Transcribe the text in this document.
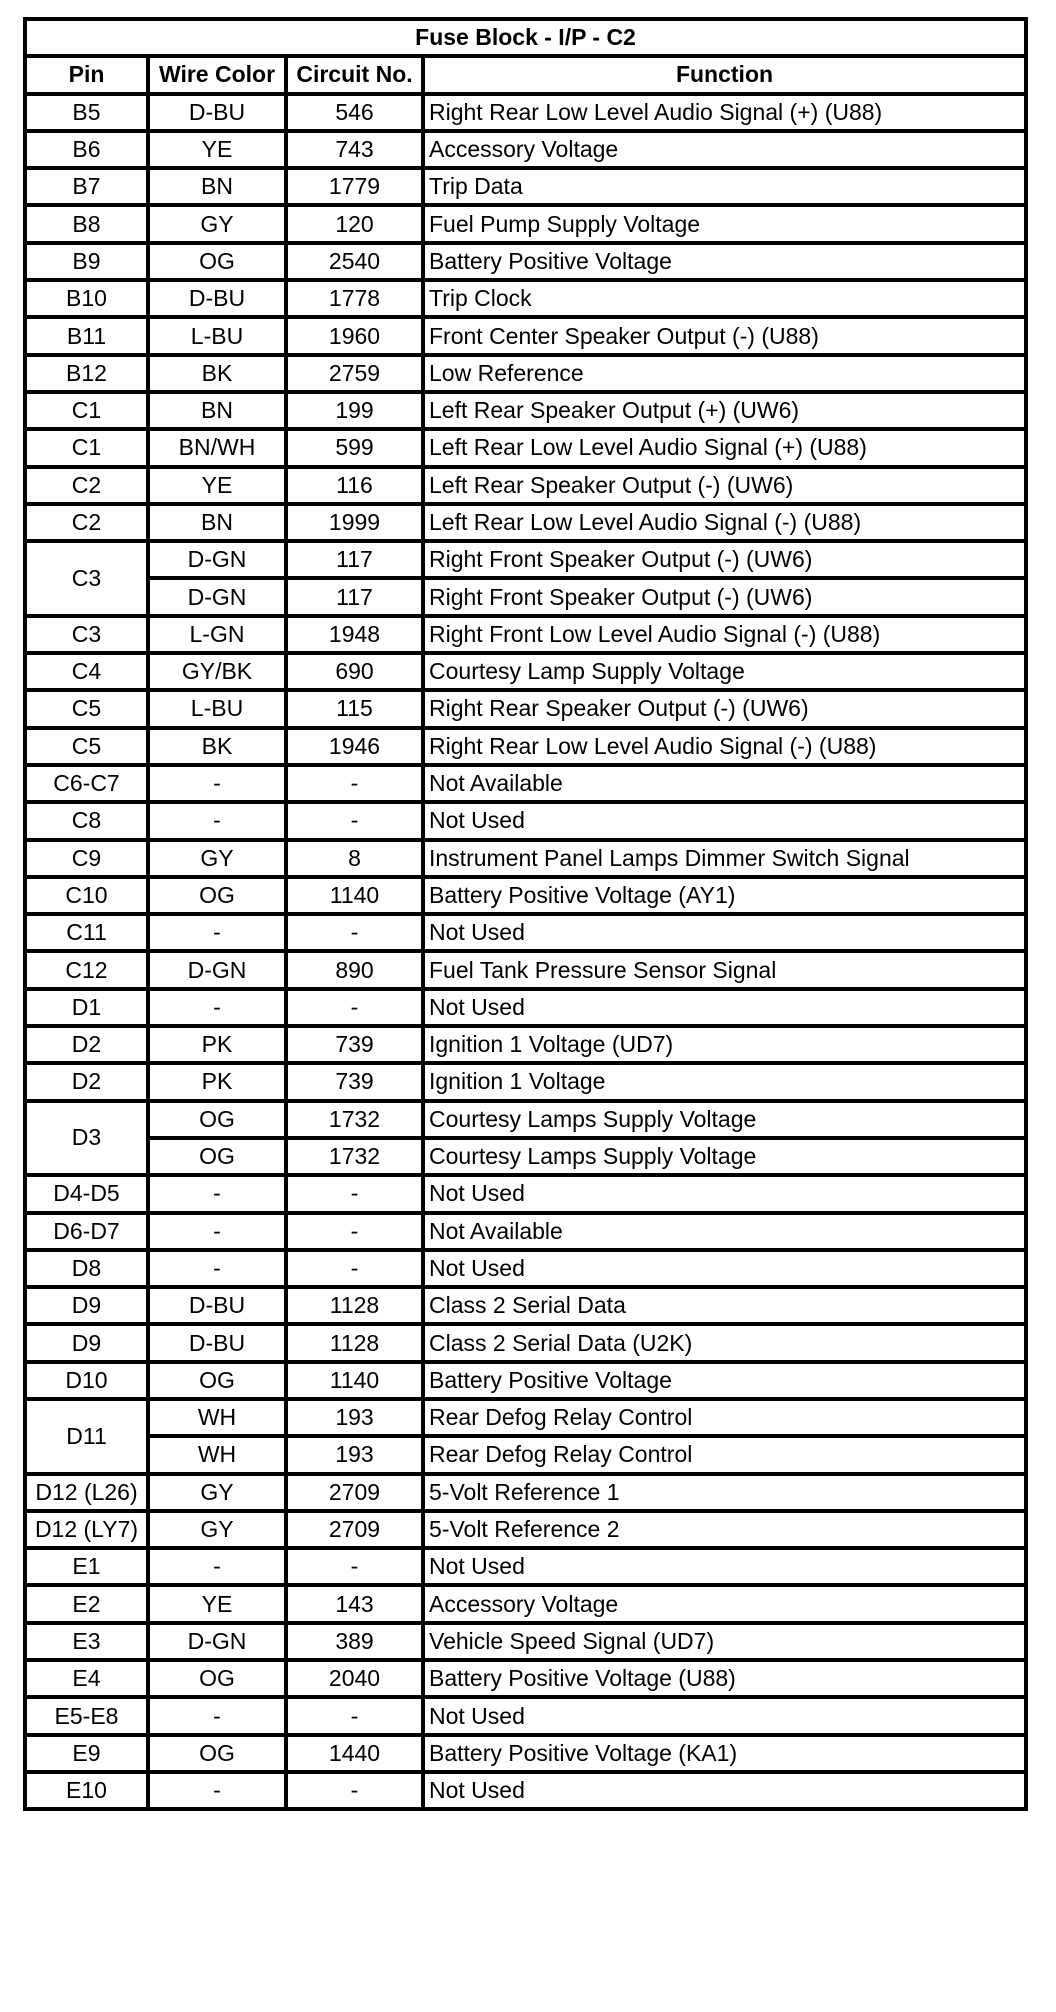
Fuse Block - I/P - C2			
Pin	Wire Color	Circuit No.	Function
B5	D-BU	546	Right Rear Low Level Audio Signal (+) (U88)
B6	YE	743	Accessory Voltage
B7	BN	1779	Trip Data
B8	GY	120	Fuel Pump Supply Voltage
B9	OG	2540	Battery Positive Voltage
B10	D-BU	1778	Trip Clock
B11	L-BU	1960	Front Center Speaker Output (-) (U88)
B12	BK	2759	Low Reference
C1	BN	199	Left Rear Speaker Output (+) (UW6)
C1	BN/WH	599	Left Rear Low Level Audio Signal (+) (U88)
C2	YE	116	Left Rear Speaker Output (-) (UW6)
C2	BN	1999	Left Rear Low Level Audio Signal (-) (U88)
C3	D-GN	117	Right Front Speaker Output (-) (UW6)
	D-GN	117	Right Front Speaker Output (-) (UW6)
C3	L-GN	1948	Right Front Low Level Audio Signal (-) (U88)
C4	GY/BK	690	Courtesy Lamp Supply Voltage
C5	L-BU	115	Right Rear Speaker Output (-) (UW6)
C5	BK	1946	Right Rear Low Level Audio Signal (-) (U88)
C6-C7	-	-	Not Available
C8	-	-	Not Used
C9	GY	8	Instrument Panel Lamps Dimmer Switch Signal
C10	OG	1140	Battery Positive Voltage (AY1)
C11	-	-	Not Used
C12	D-GN	890	Fuel Tank Pressure Sensor Signal
D1	-	-	Not Used
D2	PK	739	Ignition 1 Voltage (UD7)
D2	PK	739	Ignition 1 Voltage
D3	OG	1732	Courtesy Lamps Supply Voltage
	OG	1732	Courtesy Lamps Supply Voltage
D4-D5	-	-	Not Used
D6-D7	-	-	Not Available
D8	-	-	Not Used
D9	D-BU	1128	Class 2 Serial Data
D9	D-BU	1128	Class 2 Serial Data (U2K)
D10	OG	1140	Battery Positive Voltage
D11	WH	193	Rear Defog Relay Control
	WH	193	Rear Defog Relay Control
D12 (L26)	GY	2709	5-Volt Reference 1
D12 (LY7)	GY	2709	5-Volt Reference 2
E1	-	-	Not Used
E2	YE	143	Accessory Voltage
E3	D-GN	389	Vehicle Speed Signal (UD7)
E4	OG	2040	Battery Positive Voltage (U88)
E5-E8	-	-	Not Used
E9	OG	1440	Battery Positive Voltage (KA1)
E10	-	-	Not Used
